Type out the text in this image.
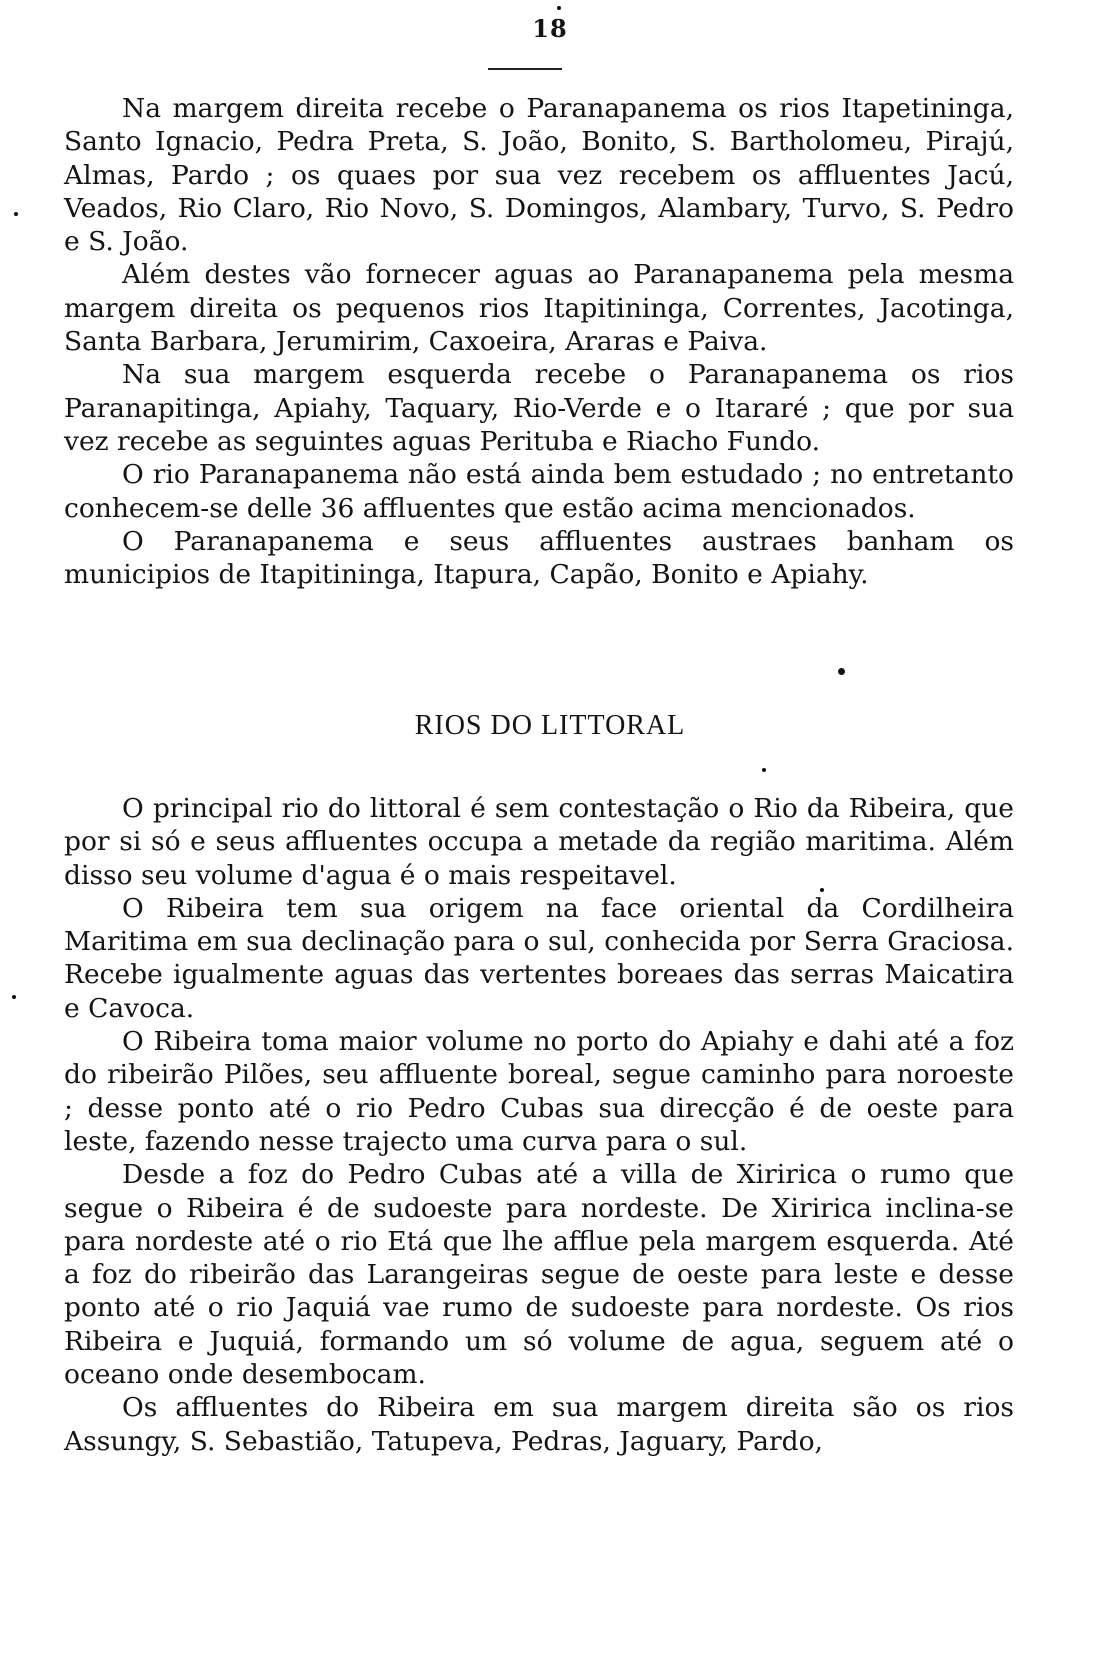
18

Na margem direita recebe o Paranapanema os rios Itapetininga, Santo Ignacio, Pedra Preta, S. João, Bonito, S. Bartholomeu, Pirajú, Almas, Pardo ; os quaes por sua vez recebem os affluentes Jacú, Veados, Rio Claro, Rio Novo, S. Domingos, Alambary, Turvo, S. Pedro e S. João.

Além destes vão fornecer aguas ao Paranapanema pela mesma margem direita os pequenos rios Itapitininga, Correntes, Jacotinga, Santa Barbara, Jerumirim, Caxoeira, Araras e Paiva.

Na sua margem esquerda recebe o Paranapanema os rios Paranapitinga, Apiahy, Taquary, Rio-Verde e o Itararé ; que por sua vez recebe as seguintes aguas Perituba e Riacho Fundo.

O rio Paranapanema não está ainda bem estudado ; no entretanto conhecem-se delle 36 affluentes que estão acima mencionados.

O Paranapanema e seus affluentes austraes banham os municipios de Itapitininga, Itapura, Capão, Bonito e Apiahy.

RIOS DO LITTORAL

O principal rio do littoral é sem contestação o Rio da Ribeira, que por si só e seus affluentes occupa a metade da região maritima. Além disso seu volume d'agua é o mais respeitavel.

O Ribeira tem sua origem na face oriental da Cordilheira Maritima em sua declinação para o sul, conhecida por Serra Graciosa. Recebe igualmente aguas das vertentes boreaes das serras Maicatira e Cavoca.

O Ribeira toma maior volume no porto do Apiahy e dahi até a foz do ribeirão Pilões, seu affluente boreal, segue caminho para noroeste ; desse ponto até o rio Pedro Cubas sua direcção é de oeste para leste, fazendo nesse trajecto uma curva para o sul.

Desde a foz do Pedro Cubas até a villa de Xiririca o rumo que segue o Ribeira é de sudoeste para nordeste. De Xiririca inclina-se para nordeste até o rio Etá que lhe afflue pela margem esquerda. Até a foz do ribeirão das Larangeiras segue de oeste para leste e desse ponto até o rio Jaquiá vae rumo de sudoeste para nordeste. Os rios Ribeira e Juquiá, formando um só volume de agua, seguem até o oceano onde desembocam.

Os affluentes do Ribeira em sua margem direita são os rios Assungy, S. Sebastião, Tatupeva, Pedras, Jaguary, Pardo,
